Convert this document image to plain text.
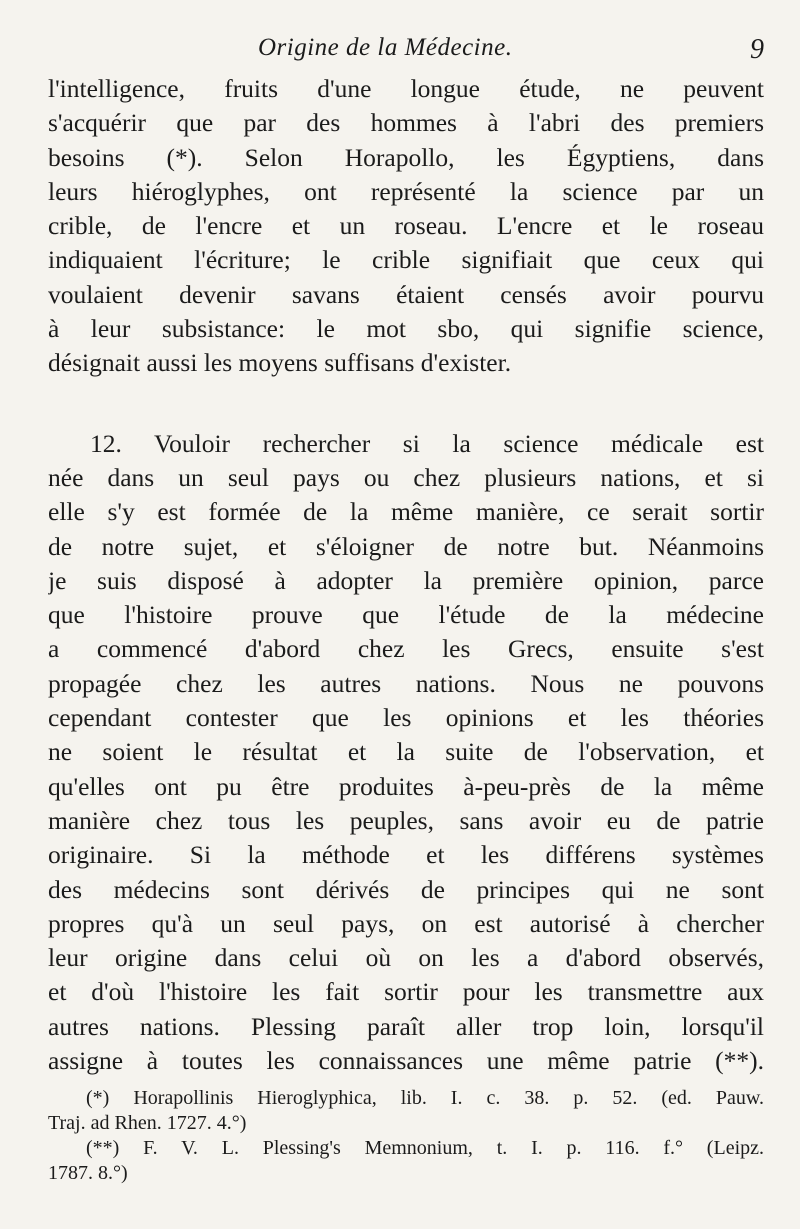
Origine de la Médecine.	9
l'intelligence, fruits d'une longue étude, ne peuvent
s'acquérir que par des hommes à l'abri des premiers
besoins (*). Selon Horapollo, les Égyptiens, dans
leurs hiéroglyphes, ont représenté la science par un
crible, de l'encre et un roseau. L'encre et le roseau
indiquaient l'écriture; le crible signifiait que ceux qui
voulaient devenir savans étaient censés avoir pourvu
à leur subsistance: le mot sbo, qui signifie science,
désignait aussi les moyens suffisans d'exister.
12. Vouloir rechercher si la science médicale est
née dans un seul pays ou chez plusieurs nations, et si
elle s'y est formée de la même manière, ce serait sortir
de notre sujet, et s'éloigner de notre but. Néanmoins
je suis disposé à adopter la première opinion, parce
que l'histoire prouve que l'étude de la médecine
a commencé d'abord chez les Grecs, ensuite s'est
propagée chez les autres nations. Nous ne pouvons
cependant contester que les opinions et les théories
ne soient le résultat et la suite de l'observation, et
qu'elles ont pu être produites à-peu-près de la même
manière chez tous les peuples, sans avoir eu de patrie
originaire. Si la méthode et les différens systèmes
des médecins sont dérivés de principes qui ne sont
propres qu'à un seul pays, on est autorisé à chercher
leur origine dans celui où on les a d'abord observés,
et d'où l'histoire les fait sortir pour les transmettre aux
autres nations. Plessing paraît aller trop loin, lorsqu'il
assigne à toutes les connaissances une même patrie (**).
(*) Horapollinis Hieroglyphica, lib. I. c. 38. p. 52. (ed. Pauw.
Traj. ad Rhen. 1727. 4.°)
(**) F. V. L. Plessing's Memnonium, t. I. p. 116. f.° (Leipz.
1787. 8.°)
